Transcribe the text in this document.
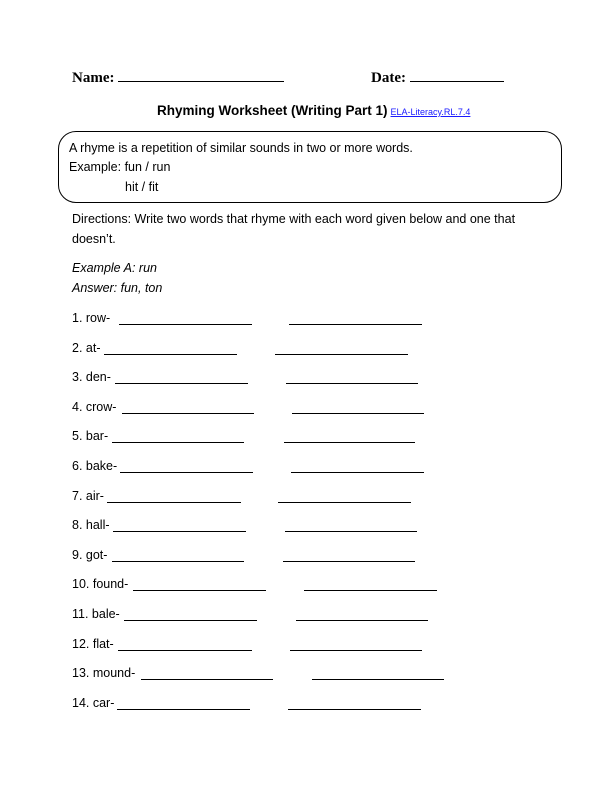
Name:	Date:
Rhyming Worksheet (Writing Part 1) ELA-Literacy.RL.7.4
A rhyme is a repetition of similar sounds in two or more words.
Example: fun / run
hit / fit
Directions: Write two words that rhyme with each word given below and one that doesn’t.
Example A: run
Answer: fun, ton
1. row-
2. at-
3. den-
4. crow-
5. bar-
6. bake-
7. air-
8. hall-
9. got-
10. found-
11. bale-
12. flat-
13. mound-
14. car-
